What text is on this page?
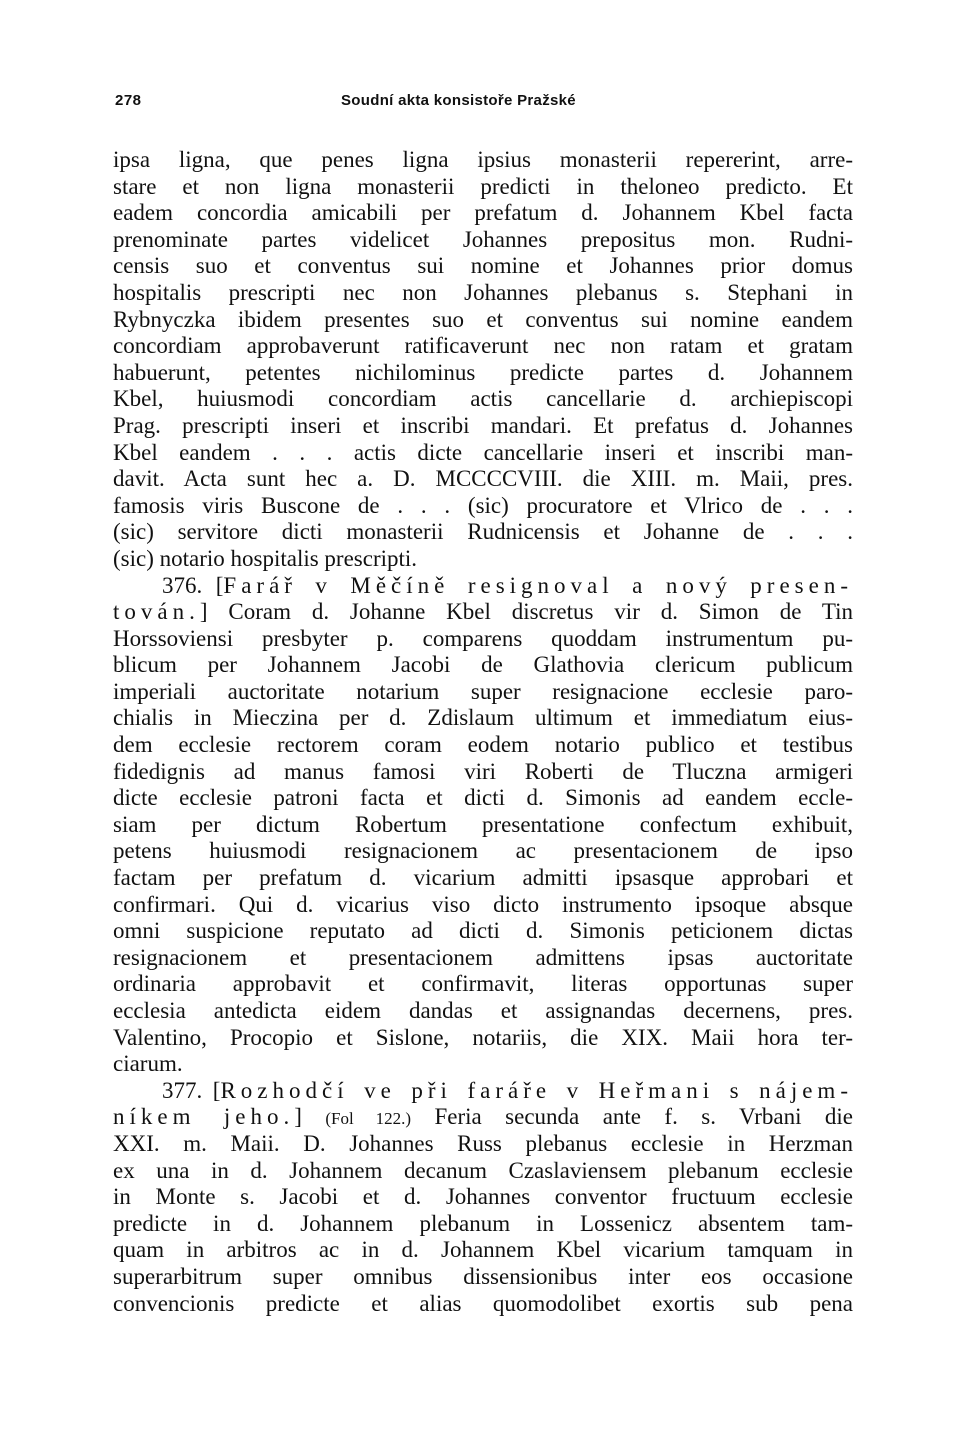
278	Soudní akta konsistoře Pražské
ipsa ligna, que penes ligna ipsius monasterii repererint, arre-
stare et non ligna monasterii predicti in theloneo predicto. Et
eadem concordia amicabili per prefatum d. Johannem Kbel facta
prenominate partes videlicet Johannes prepositus mon. Rudni-
censis suo et conventus sui nomine et Johannes prior domus
hospitalis prescripti nec non Johannes plebanus s. Stephani in
Rybnyczka ibidem presentes suo et conventus sui nomine eandem
concordiam approbaverunt ratificaverunt nec non ratam et gratam
habuerunt, petentes nichilominus predicte partes d. Johannem
Kbel, huiusmodi concordiam actis cancellarie d. archiepiscopi
Prag. prescripti inseri et inscribi mandari. Et prefatus d. Johannes
Kbel eandem . . . actis dicte cancellarie inseri et inscribi man-
davit. Acta sunt hec a. D. MCCCCVIII. die XIII. m. Maii, pres.
famosis viris Buscone de . . . (sic) procuratore et Vlrico de . . .
(sic) servitore dicti monasterii Rudnicensis et Johanne de . . .
(sic) notario hospitalis prescripti.
376. [Farář v Měčíně resignoval a nový presen-
tován.] Coram d. Johanne Kbel discretus vir d. Simon de Tin
Horssoviensi presbyter p. comparens quoddam instrumentum pu-
blicum per Johannem Jacobi de Glathovia clericum publicum
imperiali auctoritate notarium super resignacione ecclesie paro-
chialis in Mieczina per d. Zdislaum ultimum et immediatum eius-
dem ecclesie rectorem coram eodem notario publico et testibus
fidedignis ad manus famosi viri Roberti de Tluczna armigeri
dicte ecclesie patroni facta et dicti d. Simonis ad eandem eccle-
siam per dictum Robertum presentatione confectum exhibuit,
petens huiusmodi resignacionem ac presentacionem de ipso
factam per prefatum d. vicarium admitti ipsasque approbari et
confirmari. Qui d. vicarius viso dicto instrumento ipsoque absque
omni suspicione reputato ad dicti d. Simonis peticionem dictas
resignacionem et presentacionem admittens ipsas auctoritate
ordinaria approbavit et confirmavit, literas opportunas super
ecclesia antedicta eidem dandas et assignandas decernens, pres.
Valentino, Procopio et Sislone, notariis, die XIX. Maii hora ter-
ciarum.
377. [Rozhodčí ve při faráře v Heřmani s nájem-
níkem jeho.] (Fol 122.) Feria secunda ante f. s. Vrbani die
XXI. m. Maii. D. Johannes Russ plebanus ecclesie in Herzman
ex una in d. Johannem decanum Czaslaviensem plebanum ecclesie
in Monte s. Jacobi et d. Johannes conventor fructuum ecclesie
predicte in d. Johannem plebanum in Lossenicz absentem tam-
quam in arbitros ac in d. Johannem Kbel vicarium tamquam in
superarbitrum super omnibus dissensionibus inter eos occasione
convencionis predicte et alias quomodolibet exortis sub pena
